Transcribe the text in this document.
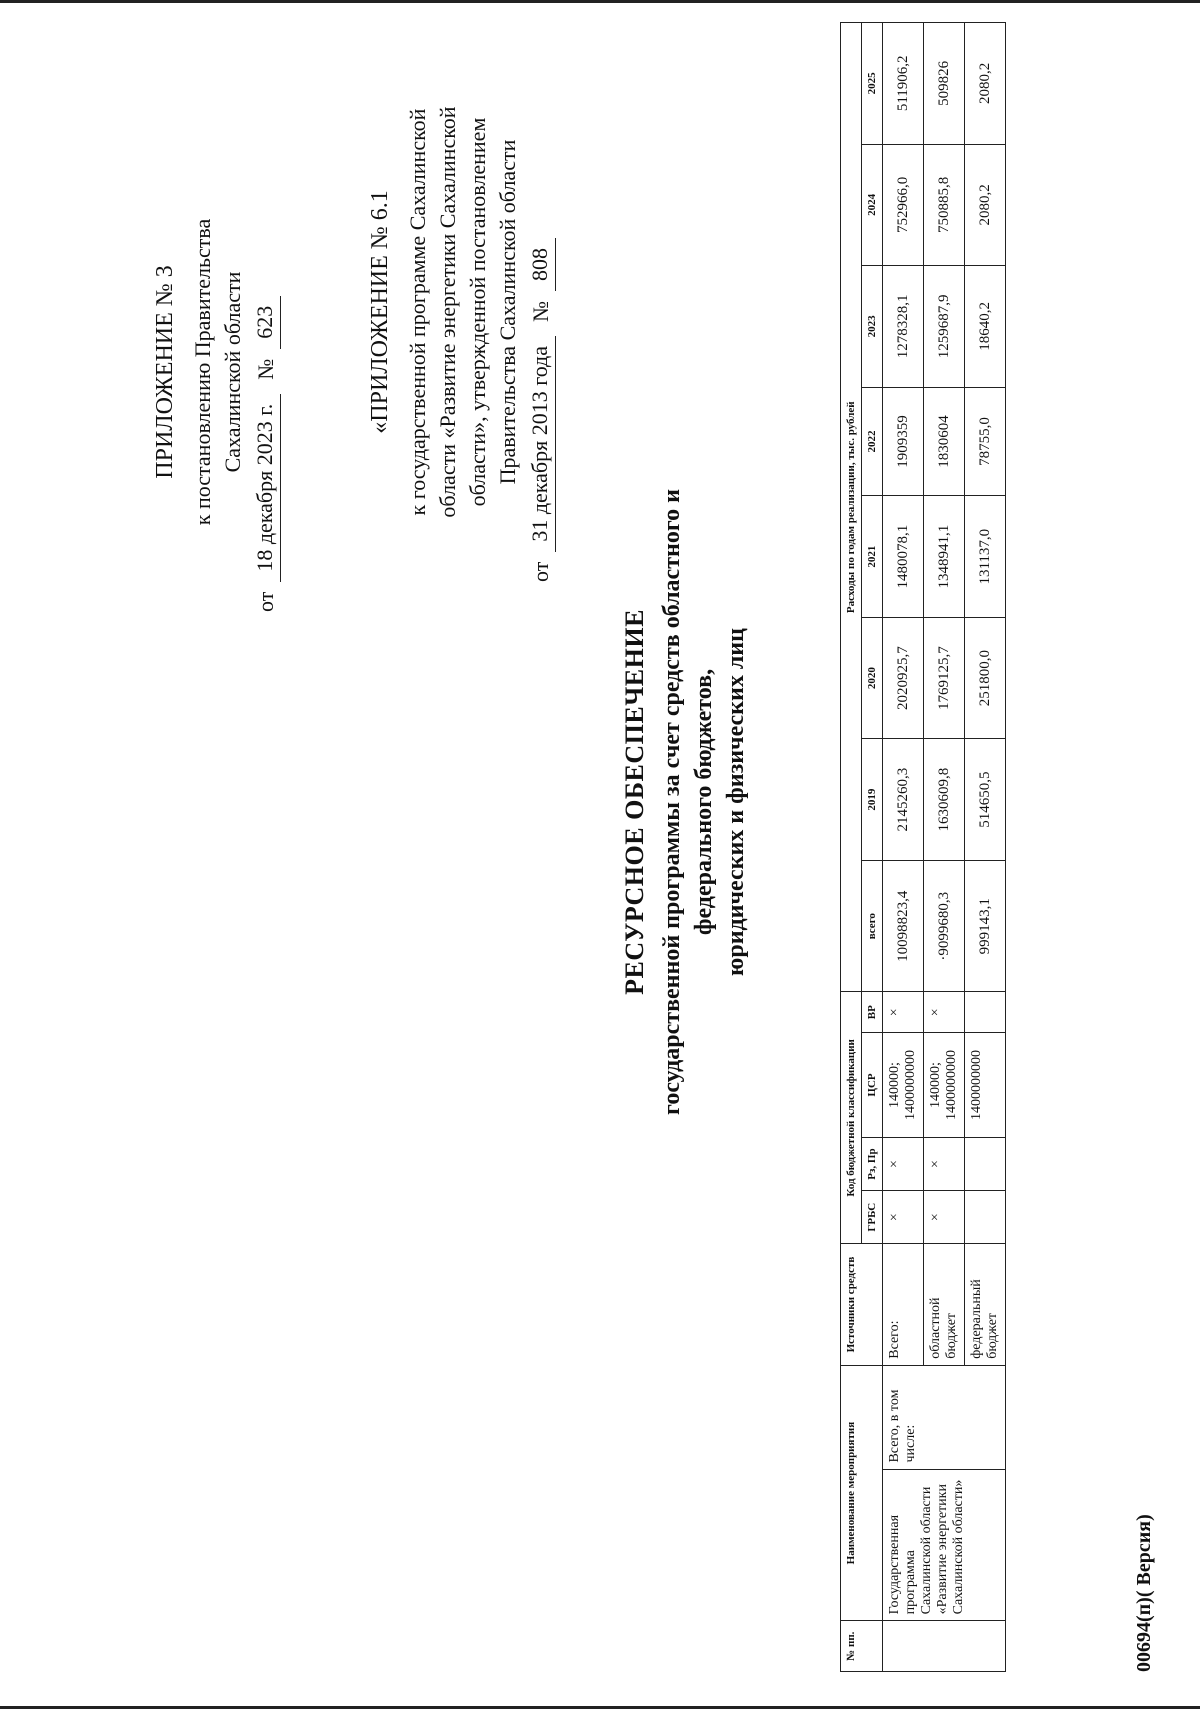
ПРИЛОЖЕНИЕ № 3 к постановлению Правительства Сахалинской области
от
18 декабря 2023 г.
№
623	«ПРИЛОЖЕНИЕ № 6.1 к государственной программе Сахалинской области «Развитие энергетики Сахалинской области», утвержденной постановлением Правительства Сахалинской области
от
31 декабря 2013 года
№
808
РЕСУРСНОЕ ОБЕСПЕЧЕНИЕ государственной программы за счет средств областного и федерального бюджетов, юридических и физических лиц
№ пп.	Наименование мероприятия		Источники средств	Код бюджетной классификации				Расходы по годам реализации, тыс. рублей							
				ГРБС	Рз, Пр	ЦСР	ВР	всего	2019	2020	2021	2022	2023	2024	2025
	Государственная программа Сахалинской области «Развитие энергетики Сахалинской области»	Всего, в том числе:	Всего:	×	×	140000; 1400000000	×	10098823,4	2145260,3	2020925,7	1480078,1	1909359	1278328,1	752966,0	511906,2
			областной бюджет	×	×	140000; 1400000000	×	·9099680,3	1630609,8	1769125,7	1348941,1	1830604	1259687,9	750885,8	509826
			федеральный бюджет			1400000000		999143,1	514650,5	251800,0	131137,0	78755,0	18640,2	2080,2	2080,2
00694(п)( Версия)
